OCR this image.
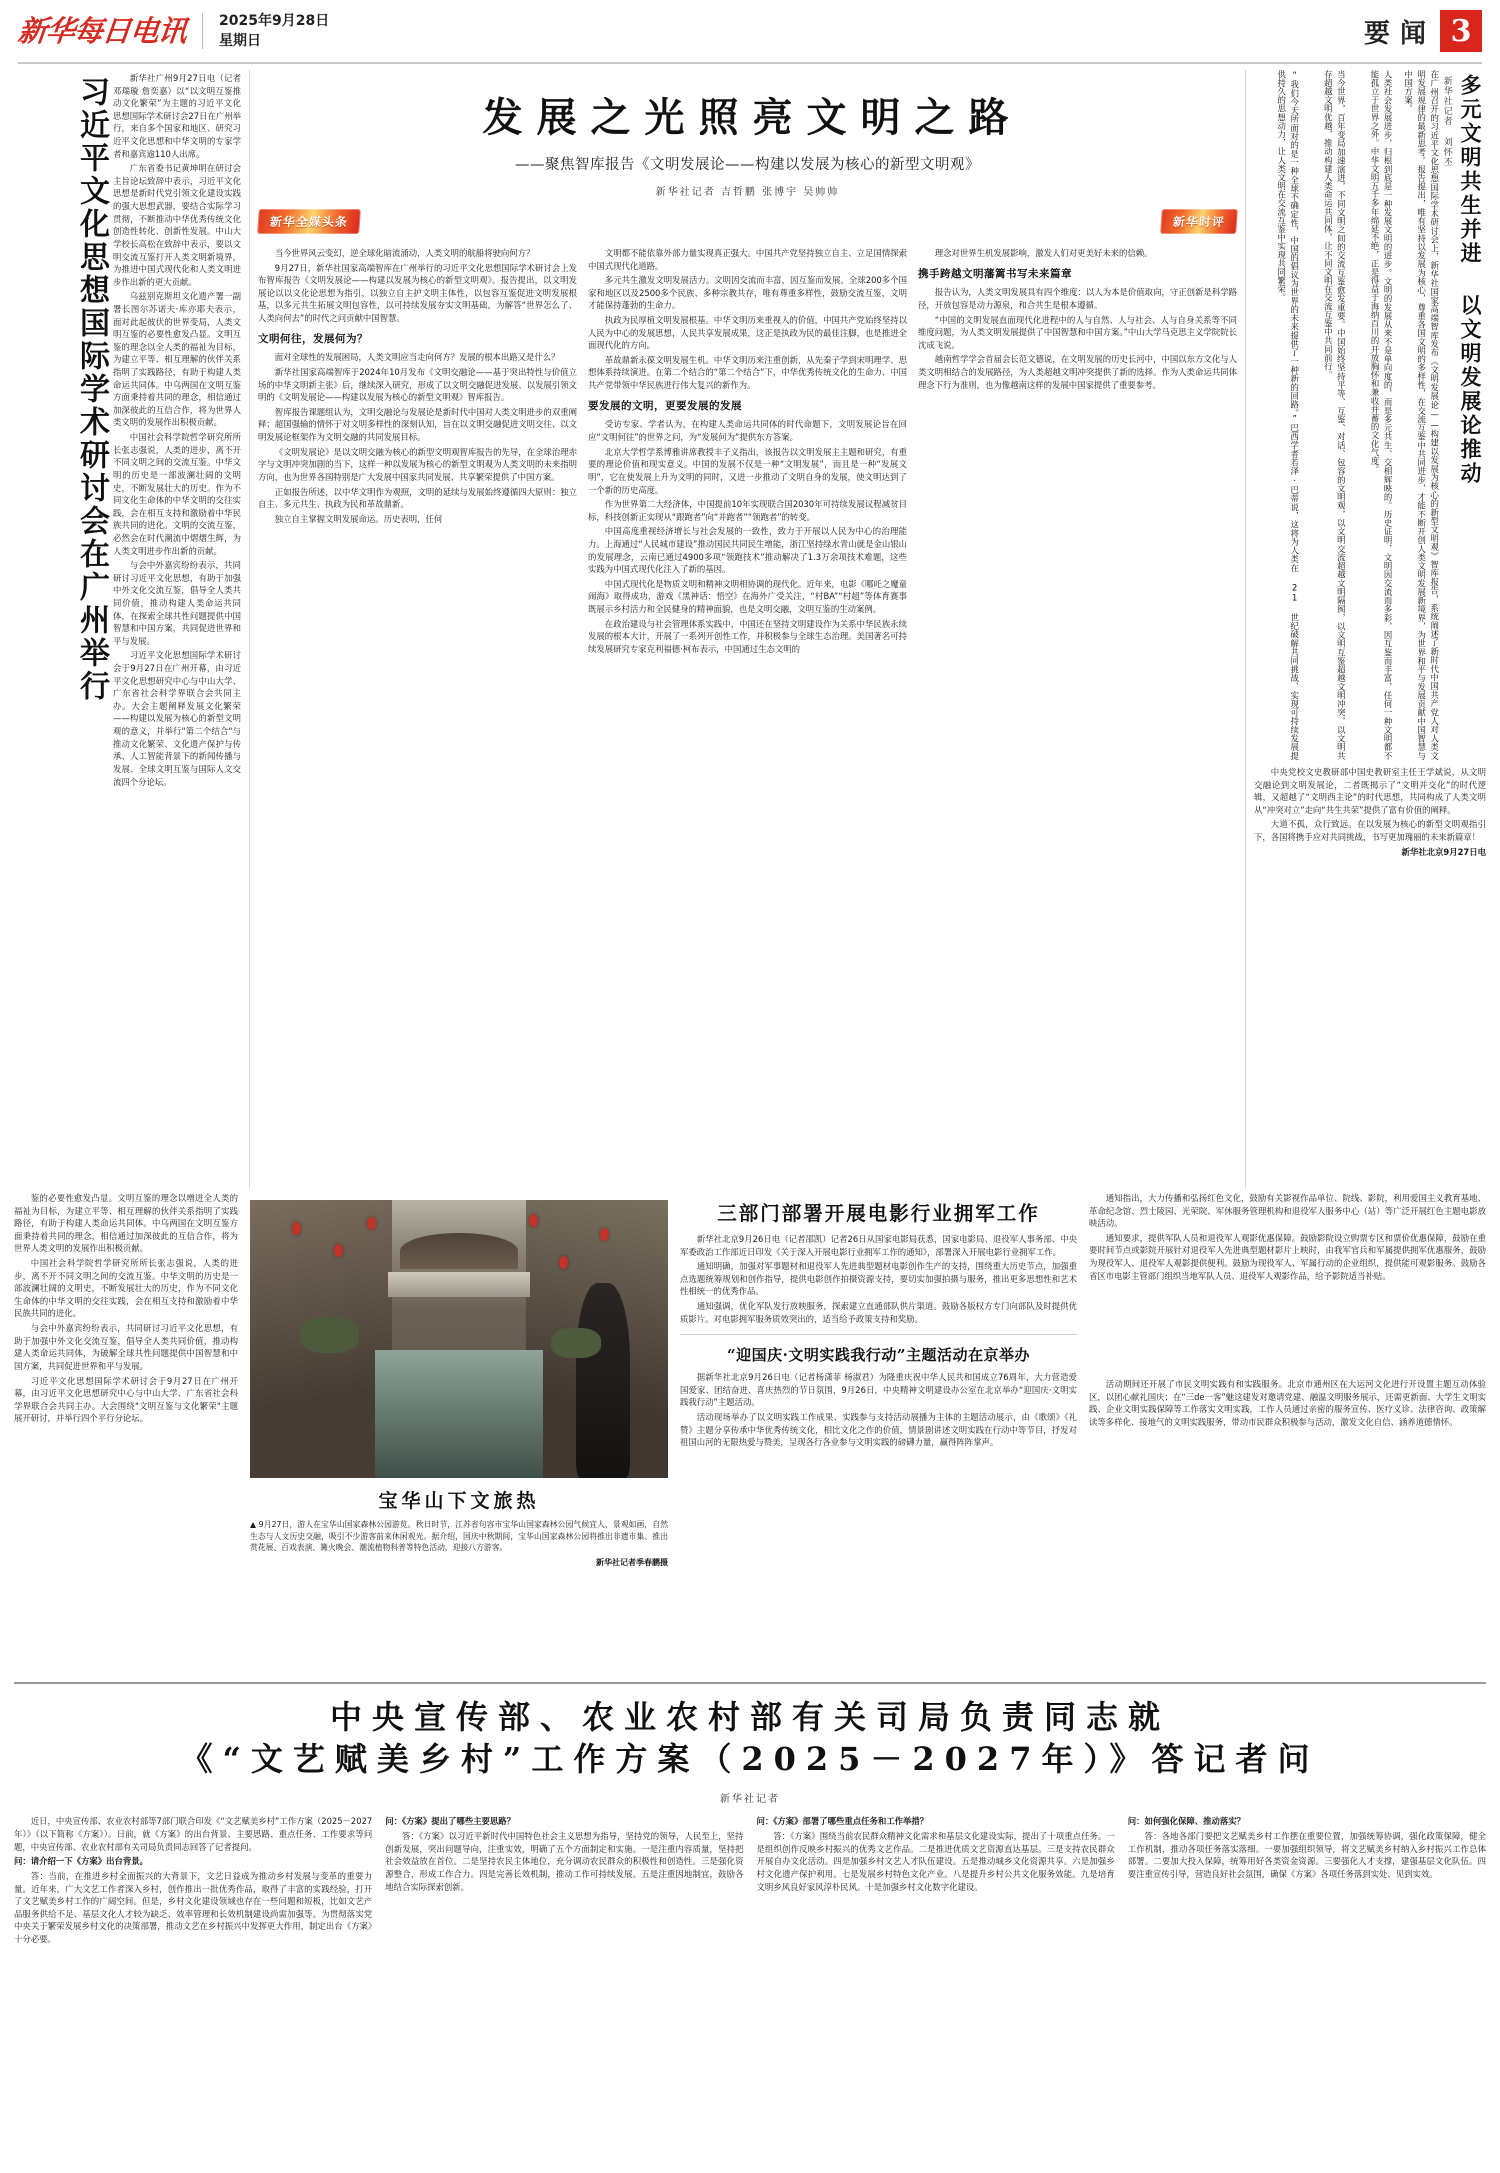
新华每日电讯 2025年9月28日
星期日	要闻 3
习近平文化思想国际学术研讨会在广州举行	新华社广州9月27日电（记者邓瑞璇 詹奕嘉）以“以文明互鉴推动文化繁荣”为主题的习近平文化思想国际学术研讨会27日在广州举行，来自多个国家和地区、研究习近平文化思想和中华文明的专家学者和嘉宾逾110人出席。

广东省委书记黄坤明在研讨会主旨论坛致辞中表示，习近平文化思想是新时代党引领文化建设实践的强大思想武器，要结合实际学习贯彻，不断推动中华优秀传统文化创造性转化、创新性发展。中山大学校长高松在致辞中表示，要以文明交流互鉴打开人类文明新境界，为推进中国式现代化和人类文明进步作出新的更大贡献。

乌兹别克斯坦文化遗产署一副署长图尔苏诺夫·库亦耶夫表示，面对此起彼伏的世界变局，人类文明互鉴的必要性愈发凸显。文明互鉴的理念以全人类的福祉为目标，为建立平等、相互理解的伙伴关系指明了实践路径，有助于构建人类命运共同体。中乌两国在文明互鉴方面秉持着共同的理念，相信通过加深彼此的互信合作，将为世界人类文明的发展作出积极贡献。

中国社会科学院哲学研究所所长张志强说，人类的进步，离不开不同文明之间的交流互鉴。中华文明的历史是一部波澜壮阔的文明史，不断发展壮大的历史。作为不同文化生命体的中华文明的交往实践，会在相互支持和激励着中华民族共同的进化。文明的交流互鉴，必然会在时代潮流中熠熠生辉，为人类文明进步作出新的贡献。

与会中外嘉宾纷纷表示，共同研讨习近平文化思想，有助于加强中外文化交流互鉴，倡导全人类共同价值，推动构建人类命运共同体，在探索全球共性问题提供中国智慧和中国方案，共同促进世界和平与发展。

习近平文化思想国际学术研讨会于9月27日在广州开幕，由习近平文化思想研究中心与中山大学、广东省社会科学界联合会共同主办。大会主题阐释发展文化繁荣——构建以发展为核心的新型文明观的意义，并举行"第二个结合"与推动文化繁荣、文化遗产保护与传承、人工智能背景下的新闻传播与发展、全球文明互鉴与国际人文交流四个分论坛。

发展之光照亮文明之路
——聚焦智库报告《文明发展论——构建以发展为核心的新型文明观》
新华社记者 吉哲鹏 张博宇 吴帅帅
新华全媒头条	新华时评

当今世界风云变幻，逆全球化暗流涌动，人类文明的航船将驶向何方？

9月27日，新华社国家高端智库在广州举行的习近平文化思想国际学术研讨会上发布智库报告《文明发展论——构建以发展为核心的新型文明观》。报告提出，以文明发展论以以文化论思想为指引，以独立自主护文明主体性，以包容互鉴促进文明发展根基，以多元共生拓展文明包容性，以可持续发展夯实文明基础，为解答“世界怎么了、人类向何去”的时代之问贡献中国智慧。

文明何往，发展何为？

面对全球性的发展困局，人类文明应当走向何方？发展的根本出路又是什么？

新华社国家高端智库于2024年10月发布《文明交融论——基于突出特性与价值立场的中华文明新主张》后，继续深入研究，形成了以文明交融促进发展、以发展引领文明的《文明发展论——构建以发展为核心的新型文明观》智库报告。

智库报告课题组认为，文明交融论与发展论是新时代中国对人类文明进步的双重阐释；超国强输的情怀于对文明多样性的深刻认知，旨在以文明交融促进文明交往、以文明发展论框架作为文明交融的共同发展目标。

《文明发展论》是以文明交融为核心的新型文明观智库报告的先导，在全球治理赤字与文明冲突加剧的当下，这样一种以发展为核心的新型文明观为人类文明的未来指明方向，也为世界各国特别是广大发展中国家共同发展、共享繁荣提供了中国方案。

正如报告所述，以中华文明作为观照，文明的延续与发展始终遵循四大原则：独立自主、多元共生、执政为民和革故鼎新。

独立自主掌握文明发展命运。历史表明，任何

文明都不能依靠外部力量实现真正强大。中国共产党坚持独立自主、立足国情探索中国式现代化道路。

多元共生激发文明发展活力。文明因交流而丰富，因互鉴而发展。全球200多个国家和地区以及2500多个民族、多种宗教共存，唯有尊重多样性，鼓励交流互鉴，文明才能保持蓬勃的生命力。

执政为民厚植文明发展根基。中华文明历来重视人的价值，中国共产党始终坚持以人民为中心的发展思想，人民共享发展成果，这正是执政为民的最佳注脚，也是推进全面现代化的方向。

革故鼎新永葆文明发展生机。中华文明历来注重创新，从先秦子学到宋明理学、思想体系持续演进。在第二个结合的“第二个结合”下，中华优秀传统文化的生命力、中国共产党带领中华民族进行伟大复兴的新作为。

要发展的文明，更要发展的发展

受访专家、学者认为，在构建人类命运共同体的时代命题下，文明发展论旨在回应“文明何往”的世界之问，为“发展何为”提供东方答案。

北京大学哲学系博雅讲席教授丰子义指出，该报告以文明发展主主题和研究，有重要的理论价值和现实意义。中国的发展不仅是一种“文明发展”，而且是一种“发展文明”，它在使发展上升为文明的同时，又进一步推动了文明自身的发展，使文明达到了一个新的历史高度。

作为世界第二大经济体，中国提前10年实现联合国2030年可持续发展议程减贫目标，科技创新正实现从“跟跑者”向“并跑者”“领跑者”的转变。

中国高度重视经济增长与社会发展的一致性，致力于开展以人民为中心的治理能力。上海通过“人民城市建设”推动国民共同民生增能，浙江坚持绿水青山就是金山银山的发展理念，云南已通过4900多项“领跑技术”推动解决了1.3万余项技术难题，这些实践为中国式现代化注入了新的基因。

中国式现代化是物质文明和精神文明相协调的现代化。近年来，电影《哪吒之魔童闹海》取得成功，游戏《黑神话：悟空》在海外广受关注，“村BA”“村超”等体育赛事既展示乡村活力和全民健身的精神面貌，也是文明交融，文明互鉴的生动案例。

在政治建设与社会管理体系实践中，中国还在坚持文明建设作为关系中华民族永续发展的根本大计，开展了一系列开创性工作，并积极参与全球生态治理。美国著名可持续发展研究专家克利福德·柯布表示，中国通过生态文明的

理念对世界生机发展影响，激发人们对更美好未来的信赖。

携手跨越文明藩篱书写未来篇章

报告认为，人类文明发展具有四个维度：以人为本是价值取向，守正创新是科学路径，开放包容是动力源泉，和合共生是根本遵循。

“中国的文明发展直面现代化进程中的人与自然、人与社会、人与自身关系等不同维度问题，为人类文明发展提供了中国智慧和中国方案。”中山大学马克思主义学院院长沈成飞说。

越南哲学学会首届会长范文德说，在文明发展的历史长河中，中国以东方文化与人类文明相结合的发展路径，为人类超越文明冲突提供了新的选择。作为人类命运共同体理念下行为准则，也为像越南这样的发展中国家提供了重要参考。	多元文明共生并进 以文明发展论推动
新华社记者 刘怀丕
在广州召开的习近平文化思想国际学术研讨会上，新华社国家高端智库发布《文明发展论——构建以发展为核心的新型文明观》智库报告，系统阐述了新时代中国共产党人对人类文明发展规律的最新思考。报告提出，唯有坚持以发展为核心，尊重各国文明的多样性，在交流互鉴中共同进步，才能不断开创人类文明发展新境界，为世界和平与发展贡献中国智慧与中国方案。
人类社会发展进步，归根到底是一种发展文明的进步。文明的发展从来不是单向度的，而是多元共生、交相辉映的。历史证明，文明因交流而多彩，因互鉴而丰富，任何一种文明都不能孤立于世界之外。中华文明五千多年绵延不绝，正是得益于海纳百川的开放胸怀和兼收并蓄的文化气度。
当今世界，百年变局加速演进，不同文明之间的交流互鉴愈发重要。中国始终坚持平等、互鉴、对话、包容的文明观，以文明交流超越文明隔阂，以文明互鉴超越文明冲突，以文明共存超越文明优越，推动构建人类命运共同体，让不同文明在交流互鉴中共同前行。
“我们今天所面对的是一种全球不确定性，中国的倡议为世界的未来提供了一种新的回路。”巴西学者若泽·巴蒂说，这将为人类在 21 世纪破解共同挑战、实现可持续发展提供持久的思想动力，让人类文明在交流互鉴中实现共同繁荣。

中央党校文史教研部中国史教研室主任王学斌说，从文明交融论到文明发展论，二者既揭示了“文明并交化”的时代逻辑，又超越了“文明西主论”的时代思想，共同构成了人类文明从“冲突对立”走向“共生共荣”提供了富有价值的阐释。

大道不孤，众行致远。在以发展为核心的新型文明观指引下，各国将携手应对共同挑战，书写更加瑰丽的未来新篇章！

新华社北京9月27日电

鉴的必要性愈发凸显。文明互鉴的理念以增进全人类的福祉为目标，为建立平等、相互理解的伙伴关系指明了实践路径，有助于构建人类命运共同体。中乌两国在文明互鉴方面秉持着共同的理念，相信通过加深彼此的互信合作，将为世界人类文明的发展作出积极贡献。

中国社会科学院哲学研究所所长张志强说，人类的进步，离不开不同文明之间的交流互鉴。中华文明的历史是一部波澜壮阔的文明史，不断发展壮大的历史，作为不同文化生命体的中华文明的交往实践，会在相互支持和激励着中华民族共同的进化。

与会中外嘉宾纷纷表示，共同研讨习近平文化思想，有助于加强中外文化交流互鉴，倡导全人类共同价值，推动构建人类命运共同体，为破解全球共性问题提供中国智慧和中国方案，共同促进世界和平与发展。

习近平文化思想国际学术研讨会于9月27日在广州开幕，由习近平文化思想研究中心与中山大学、广东省社会科学界联合会共同主办。大会围绕"文明互鉴与文化繁荣"主题展开研讨，并举行四个平行分论坛。

宝华山下文旅热
▲ 9月27日，游人在宝华山国家森林公园游览。秋日时节，江苏省句容市宝华山国家森林公园气候宜人，景观如画，自然生态与人文历史交融，吸引不少游客前来休闲观光。据介绍，国庆中秋期间，宝华山国家森林公园将推出非遗市集、推出赏花展、百戏表演、篝火晚会、潮流植物科普等特色活动，迎接八方游客。
新华社记者季春鹏摄
三部门部署开展电影行业拥军工作

新华社北京9月26日电（记者邵凯）记者26日从国家电影局获悉，国家电影局、退役军人事务部、中央军委政治工作部近日印发《关于深入开展电影行业拥军工作的通知》，部署深入开展电影行业拥军工作。

通知明确，加强对军事题材和退役军人先进典型题材电影创作生产的支持，围绕重大历史节点，加强重点选题统筹规划和创作指导，提供电影创作拍摄资源支持，要切实加强拍摄与服务，推出更多思想性和艺术性相统一的优秀作品。

通知强调，优化军队发行放映服务，探索建立直通部队供片渠道。鼓励各版权方专门向部队及时提供优质影片。对电影拥军服务质效突出的，适当给予政策支持和奖励。

“迎国庆·文明实践我行动”主题活动在京举办

据新华社北京9月26日电（记者杨潇菲 杨淑君）为隆重庆祝中华人民共和国成立76周年，大力营造爱国爱家、团结奋进、喜庆热烈的节日氛围，9月26日，中央精神文明建设办公室在北京举办“迎国庆·文明实践我行动”主题活动。

活动现场举办了以文明实践工作成果、实践参与支持活动展播为主体的主题活动展示，由《歌颂》《礼赞》主题分享传承中华优秀传统文化，相比文化之作的价值，情景剧讲述文明实践在行动中等节目，抒发对祖国山河的无限热爱与赞美，呈现各行各业参与文明实践的磅礴力量，赢得阵阵掌声。

通知指出，大力传播和弘扬红色文化，鼓励有关影视作品单位、院线、影院，利用爱国主义教育基地、革命纪念馆、烈士陵园、光荣院、军休服务管理机构和退役军人服务中心（站）等广泛开展红色主题电影放映活动。

通知要求，提供军队人员和退役军人观影优惠保障。鼓励影院设立购票专区和票价优惠保障，鼓励在重要时间节点或影院开展针对退役军人先进典型题材影片上映时，由我军官兵和军属提供拥军优惠服务，鼓励为现役军人、退役军人观影提供便利。鼓励为现役军人、军属行动的企业组织，提供能可观影服务。鼓励各省区市电影主管部门组织当地军队人员、退役军人观影作品，给予影院适当补贴。

活动期间还开展了市民文明实践有和实践服务。北京市通州区在大运河文化进行开设置主题互动体验区，以团心献礼国庆；在“三de一客”魅这建发对邀请党建、融温文明服务展示，还需更新面、大学生文明实践、企业文明实践保障等工作落实文明实践，工作人员通过亲密的服务宣传、医疗义诊、法律咨询、政策解读等多样化、接地气的文明实践服务，带动市民群众积极参与活动，激发文化自信、涵养道德情怀。

中央宣传部、农业农村部有关司局负责同志就
《“文艺赋美乡村”工作方案（2025－2027年）》答记者问
新华社记者

近日，中央宣传部、农业农村部等7部门联合印发《“文艺赋美乡村”工作方案（2025－2027年）》（以下简称《方案》）。日前，就《方案》的出台背景、主要思路、重点任务、工作要求等问题，中央宣传部、农业农村部有关司局负责同志回答了记者提问。

问：请介绍一下《方案》出台背景。

答：当前，在推进乡村全面振兴的大背景下，文艺日益成为推动乡村发展与变革的重要力量。近年来，广大文艺工作者深入乡村，创作推出一批优秀作品，取得了丰富的实践经验，打开了文艺赋美乡村工作的广阔空间。但是，乡村文化建设领域也存在一些问题和短板，比如文艺产品服务供给不足、基层文化人才较为缺乏、效率管理和长效机制建设尚需加强等。为贯彻落实党中央关于繁荣发展乡村文化的决策部署，推动文艺在乡村振兴中发挥更大作用，制定出台《方案》十分必要。

问：《方案》提出了哪些主要思路？

答：《方案》以习近平新时代中国特色社会主义思想为指导，坚持党的领导，人民至上，坚持创新发展，突出问题导向，注重实效，明确了五个方面制定和实施。一是注重内容质量，坚持把社会效益放在首位。二是坚持农民主体地位，充分调动农民群众的积极性和创造性。三是强化资源整合，形成工作合力。四是完善长效机制，推动工作可持续发展。五是注重因地制宜，鼓励各地结合实际探索创新。

问：《方案》部署了哪些重点任务和工作举措？

答：《方案》围绕当前农民群众精神文化需求和基层文化建设实际，提出了十项重点任务。一是组织创作反映乡村振兴的优秀文艺作品。二是推进优质文艺资源直达基层。三是支持农民群众开展自办文化活动。四是加强乡村文艺人才队伍建设。五是推动城乡文化资源共享。六是加强乡村文化遗产保护利用。七是发展乡村特色文化产业。八是提升乡村公共文化服务效能。九是培育文明乡风良好家风淳朴民风。十是加强乡村文化数字化建设。

问：如何强化保障、推动落实？

答：各地各部门要把文艺赋美乡村工作摆在重要位置，加强统筹协调，强化政策保障，健全工作机制，推动各项任务落实落细。一要加强组织领导，将文艺赋美乡村纳入乡村振兴工作总体部署。二要加大投入保障，统筹用好各类资金资源。三要强化人才支撑，建强基层文化队伍。四要注重宣传引导，营造良好社会氛围，确保《方案》各项任务落到实处、见到实效。
